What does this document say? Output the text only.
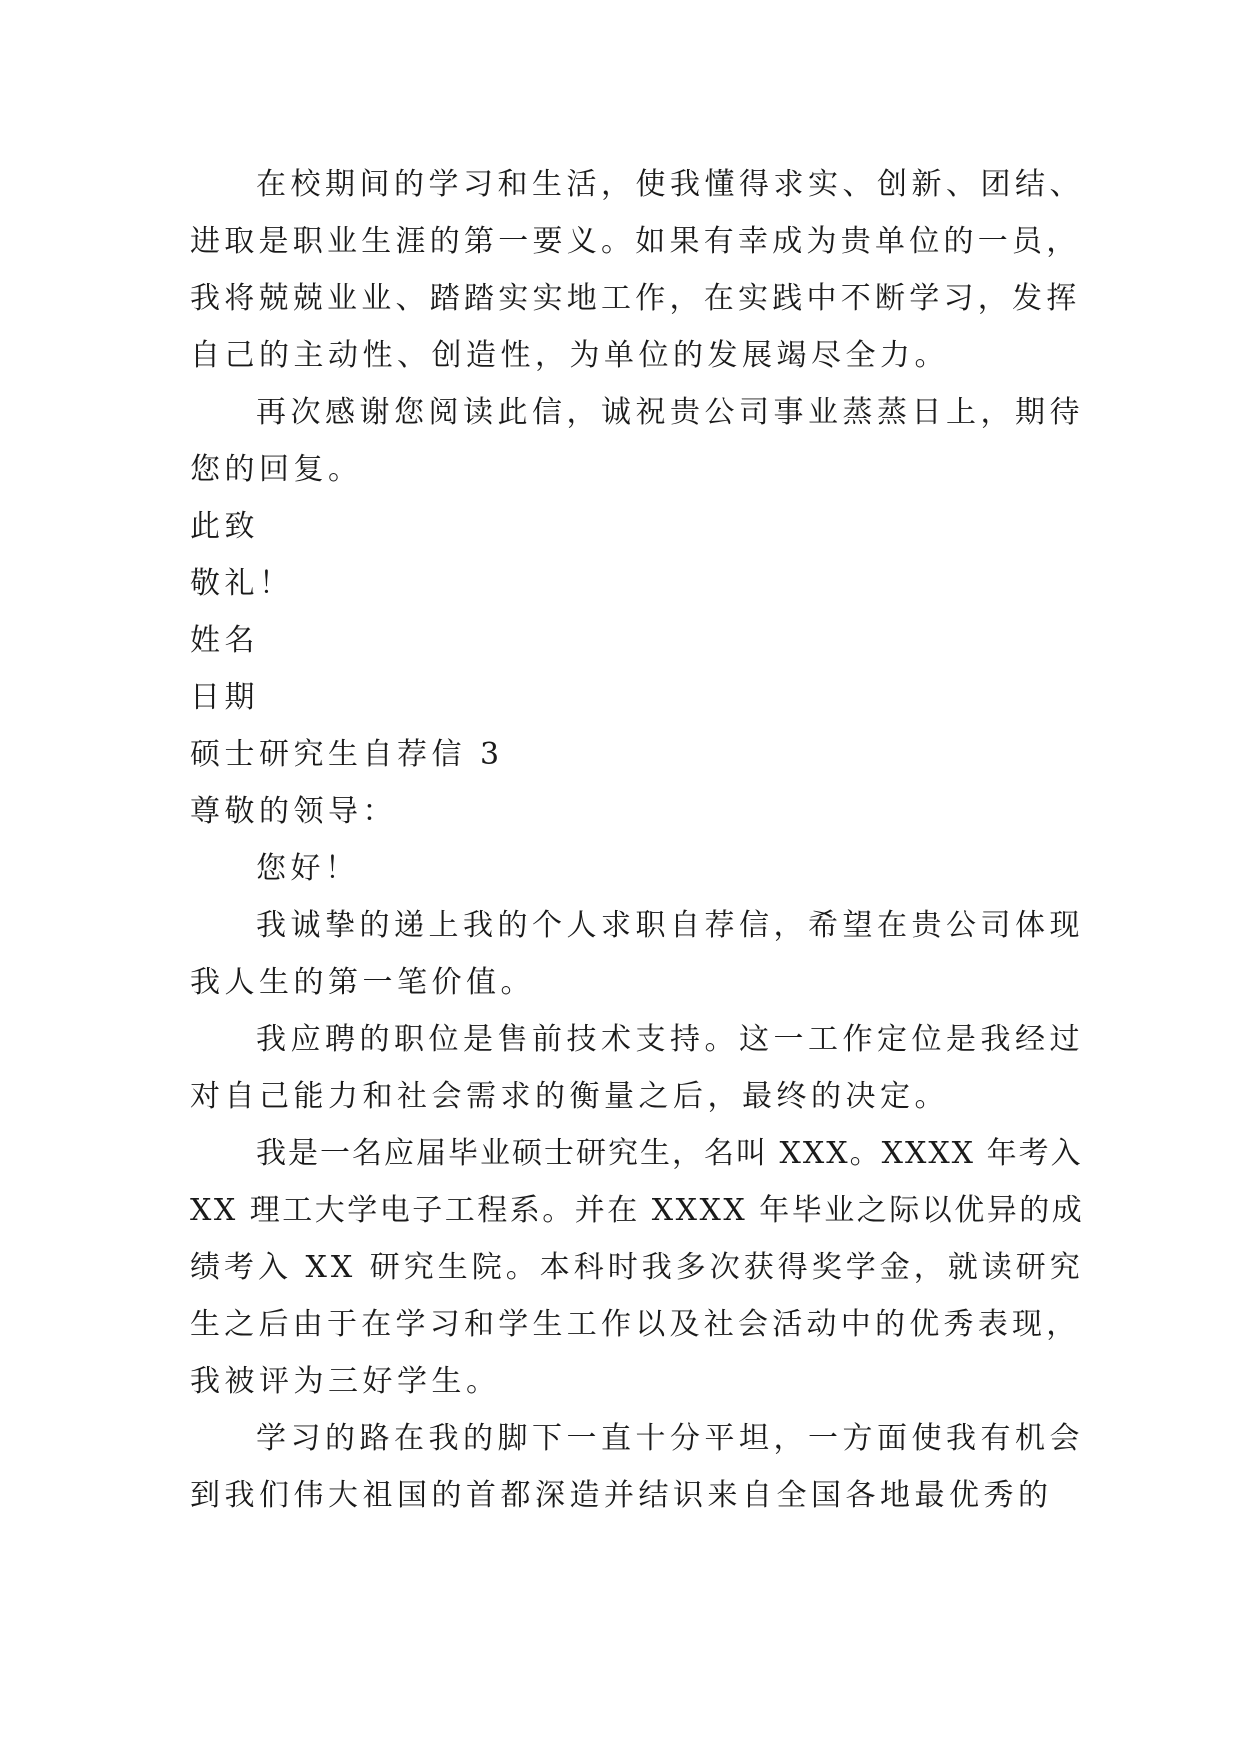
在校期间的学习和生活，使我懂得求实、创新、团结、
进取是职业生涯的第一要义。如果有幸成为贵单位的一员，
我将兢兢业业、踏踏实实地工作，在实践中不断学习，发挥
自己的主动性、创造性，为单位的发展竭尽全力。
再次感谢您阅读此信，诚祝贵公司事业蒸蒸日上，期待
您的回复。
此致
敬礼！
姓名
日期
硕士研究生自荐信 3
尊敬的领导：
您好！
我诚挚的递上我的个人求职自荐信，希望在贵公司体现
我人生的第一笔价值。
我应聘的职位是售前技术支持。这一工作定位是我经过
对自己能力和社会需求的衡量之后，最终的决定。
我是一名应届毕业硕士研究生，名叫 XXX。XXXX 年考入
XX 理工大学电子工程系。并在 XXXX 年毕业之际以优异的成
绩考入 XX 研究生院。本科时我多次获得奖学金，就读研究
生之后由于在学习和学生工作以及社会活动中的优秀表现，
我被评为三好学生。
学习的路在我的脚下一直十分平坦，一方面使我有机会
到我们伟大祖国的首都深造并结识来自全国各地最优秀的
